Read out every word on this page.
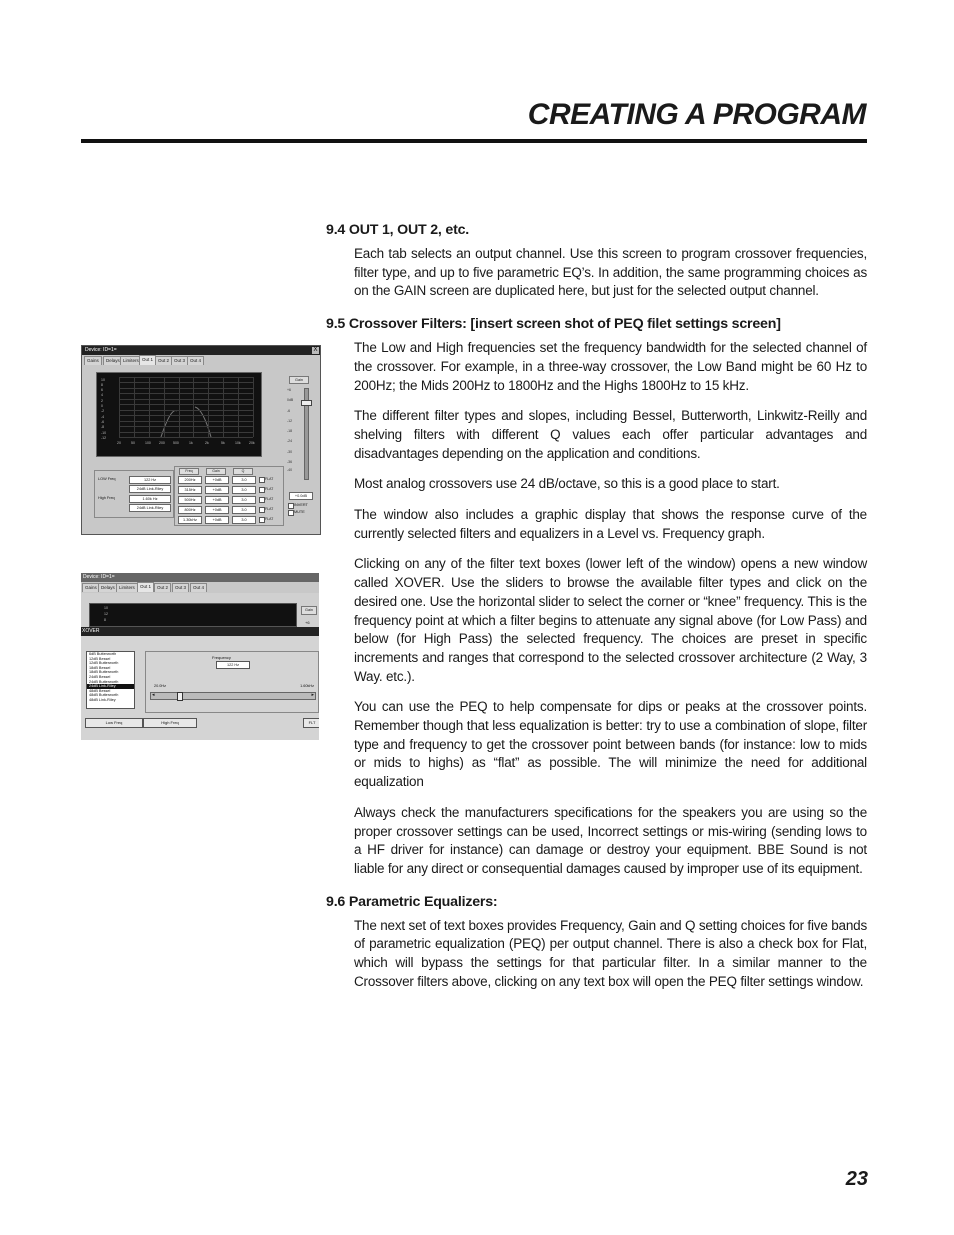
CREATING A PROGRAM
Device: ID=1=	X
Gains	Delays Limiters Out 1	Out 2	Out 3	Out 4
10
8
6
4
2
0
-2
-4
-6
-8
-10
-12
20	50	100 200 500	1k	2k	5k	10k 20k
Gain
+6
0dB
-6
-12
-18
-24
-30
-36
-40
+0.0dB
INVERT
MUTE
LOW Freq	122 Hz
24dB Link-Riley
High Freq	1.60k Hz
24dB Link-Riley
Freq	Gain	Q
200Hz	+0dB	3.0	FLAT
315Hz	+0dB	3.0	FLAT
500Hz	+0dB	3.0	FLAT
800Hz	+0dB	3.0	FLAT
1.30kHz	+0dB	3.0	FLAT
Device: ID=1=
Gains Delays Limiters	Out 1	Out 2	Out 3	Out 4
10
12
8
Gain
+6
XOVER
6dB Butterworth
12dB Bessel
12dB Butterworth
18dB Bessel
18dB Butterworth
24dB Bessel
24dB Butterworth
24dB Link-Riley
48dB Bessel
48dB Butterworth
48dB Link-Riley
Frequency
122 Hz
20.0Hz	1.60kHz
◂	▸
Low Freq	High Freq	FLT
9.4 OUT 1, OUT 2, etc.

Each tab selects an output channel. Use this screen to program crossover frequencies, filter type, and up to five parametric EQ’s. In addition, the same programming choices as on the GAIN screen are duplicated here, but just for the selected output channel.

9.5 Crossover Filters: [insert screen shot of PEQ filet settings screen]

The Low and High frequencies set the frequency bandwidth for the selected channel of the crossover. For example, in a three-way crossover, the Low Band might be 60 Hz to 200Hz; the Mids 200Hz to 1800Hz and the Highs 1800Hz to 15 kHz.

The different filter types and slopes, including Bessel, Butterworth, Linkwitz-Reilly and shelving filters with different Q values each offer particular advantages and disadvantages depending on the application and conditions.

Most analog crossovers use 24 dB/octave, so this is a good place to start.

The window also includes a graphic display that shows the response curve of the currently selected filters and equalizers in a Level vs. Frequency graph.

Clicking on any of the filter text boxes (lower left of the window) opens a new window called XOVER. Use the sliders to browse the available filter types and click on the desired one. Use the horizontal slider to select the corner or “knee” frequency. This is the frequency point at which a filter begins to attenuate any signal above (for Low Pass) and below (for High Pass) the selected frequency. The choices are preset in specific increments and ranges that correspond to the selected crossover architecture (2 Way, 3 Way. etc.).

You can use the PEQ to help compensate for dips or peaks at the crossover points. Remember though that less equalization is better: try to use a combination of slope, filter type and frequency to get the crossover point between bands (for instance: low to mids or mids to highs) as “flat” as possible. The will minimize the need for additional equalization

Always check the manufacturers specifications for the speakers you are using so the proper crossover settings can be used, Incorrect settings or mis-wiring (sending lows to a HF driver for instance) can damage or destroy your equipment. BBE Sound is not liable for any direct or consequential damages caused by improper use of its equipment.

9.6 Parametric Equalizers:

The next set of text boxes provides Frequency, Gain and Q setting choices for five bands of parametric equalization (PEQ) per output channel. There is also a check box for Flat, which will bypass the settings for that particular filter. In a similar manner to the Crossover filters above, clicking on any text box will open the PEQ filter settings window.

23
